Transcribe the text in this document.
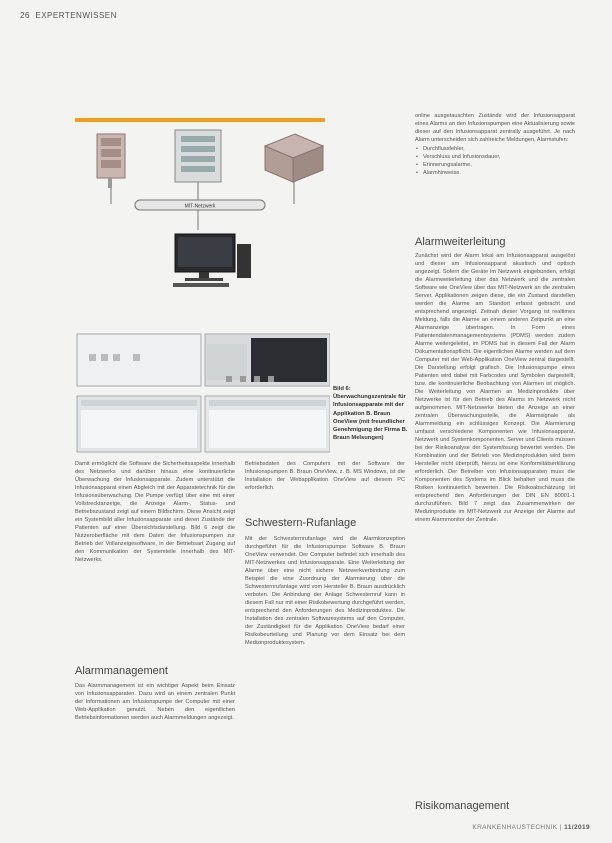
26 EXPERTENWISSEN
MIT-Netzwerk
Bild 6: Überwachungszentrale für Infusionsapparate mit der Applikation B. Braun OneView (mit freundlicher Genehmigung der Firma B. Braun Melsungen)

online ausgetauschten Zustände wird der Infusionsapparat eines Alarms an den Infusionspumpen eine Aktualisierung sowie dieser auf den Infusionsapparat zentrally ausgeführt. Je nach Alarm unterscheiden sich zahlreiche Meldungen, Alarmstufen:

• Durchflussfehler,
• Verschluss und Infusionsdauer,
• Erinnerungsalarme,
• Alarmhinweise.
Alarmweiterleitung
Zunächst wird der Alarm lokal am Infusionsapparat ausgelöst und dieser am Infusionsapparat akustisch und optisch angezeigt. Sofern die Geräte im Netzwerk eingebunden, erfolgt die Alarmweiterleitung über das Netzwerk und die zentralen Software wie OneView über das MIT-Netzwerk an die zentralen Server. Applikationen zeigen diese, die ein Zustand darstellen werden die Alarme am Standort erfasst gebracht und entsprechend angezeigt. Zeitnah dieser Vorgang ist realtimes Meldung, falls die Alarme an einem anderen Zeitpunkt an eine Alarmanzeige übertragen. In Form eines Patientendatenmanagementsystems (PDMS) werden zudem Alarme weitergeleitet, im PDMS hat in diesem Fall der Alarm Dokumentationspflicht. Die eigentlichen Alarme werden auf dem Computer mit der Web-Applikation OneView zentral dargestellt. Die Darstellung erfolgt grafisch. Die Infusionspumpe eines Patienten wird dabei mit Farbcodes und Symbolen dargestellt, bzw. die kontinuierliche Beobachtung von Alarmen ist möglich. Die Weiterleitung von Alarmen an Medizinprodukte über Netzwerke ist für den Betrieb des Alarms im Netzwerk nicht aufgenommen. MIT-Netzwerke bieten die Anzeige an einer zentralen Überwachungsstelle, die Alarmsignale als Alarmmeldung ein schlüssiges Konzept. Die Alarmierung umfasst verschiedene Komponenten wie Infusionsapparat, Netzwerk und Systemkomponenten. Server und Clients müssen bei der Risikoanalyse der Systemlösung bewertet werden. Die Kombination und der Betrieb von Medizinprodukten wird beim Hersteller nicht überprüft, hierzu ist eine Konformitätserklärung erforderlich. Der Betreiber von Infusionsapparaten muss die Komponenten des Systems im Blick behalten und muss die Risiken kontinuierlich bewerten. Die Risikoabschätzung ist entsprechend den Anforderungen der DIN EN 80001-1 durchzuführen. Bild 7 zeigt das Zusammenwirken der Medizinprodukte im MIT-Netzwerk zur Anzeige der Alarme auf einem Alarmmonitor der Zentrale.
Risikomanagement
Damit ermöglicht die Software die Sicherheitsaspekte innerhalb des Netzwerks und darüber hinaus eine kontinuierliche Überwachung der Infusionsapparate. Zudem unterstützt die Infusionsapparat einen Abgleich mit der Apparatetechnik für die Infusionsüberwachung. Die Pumpe verfügt über eine mit einer Vollstrecktanzeige, die Anzeige Alarm-, Status- und Betriebszustand zeigt auf einem Bildschirm. Diese Ansicht zeigt ein Systembild aller Infusionsapparate und deren Zustände der Patienten auf einer Übersichtsdarstellung. Bild 6 zeigt die Nutzeroberfläche mit dem Daten der Infusionspumpen zur Betrieb der Vollanzeigesoftware, in der Betriebsart Zugang auf den Kommunikation der Systemteile innerhalb des MIT-Netzwerks.
Alarmmanagement
Das Alarmmanagement ist ein wichtiger Aspekt beim Einsatz von Infusionsapparaten. Dazu wird an einem zentralen Punkt der Informationen am Infusionspumpe der Computer mit einer Web-Applikation genutzt. Neben den eigentlichen Betriebsinformationen werden auch Alarmmeldungen angezeigt.
Betriebsdaten des Computers mit der Software der Infusionspumpen B. Braun OneView, z. B. MS Windows, ist die Installation der Webapplikation OneView auf diesem PC erforderlich.
Schwestern-Rufanlage
Mit der Schwesternrufanlage wird die Alarmkonzeption durchgeführt für die Infusionspumpe Software B. Braun OneView verwendet. Der Computer befindet sich innerhalb des MIT-Netzwerkes und Infusionsapparate. Eine Weiterleitung der Alarme über eine nicht sichere Netzwerkverbindung zum Beispiel die eine Zuordnung der Alarmierung über die Schwesternrufanlage wird vom Hersteller B. Braun ausdrücklich verboten. Die Anbindung der Anlage Schwesternruf kann in diesem Fall nur mit einer Risikobewertung durchgeführt werden, entsprechend den Anforderungen des Medizinproduktes. Die Installation des zentralen Softwaresystems auf den Computer, der Zuständigkeit für die Applikation OneView bedarf einer Risikobeurteilung und Planung vor dem Einsatz bei dem Medizinproduktesystem.
KRANKENHAUSTECHNIK | 11/2019
